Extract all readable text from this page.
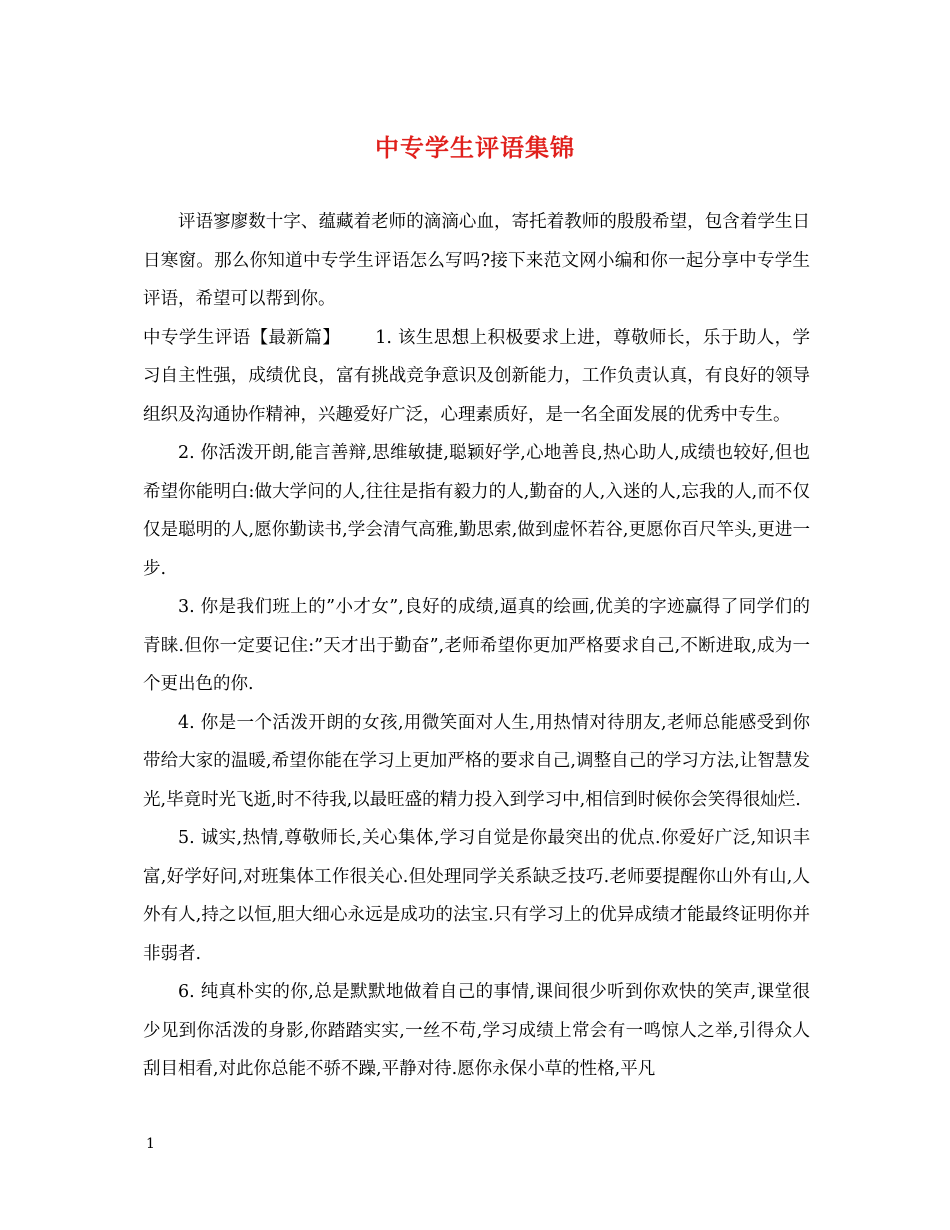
中专学生评语集锦

评语寥廖数十字、蕴藏着老师的滴滴心血，寄托着教师的殷殷希望，包含着学生日日寒窗。那么你知道中专学生评语怎么写吗?接下来范文网小编和你一起分享中专学生评语，希望可以帮到你。

中专学生评语【最新篇】 1. 该生思想上积极要求上进，尊敬师长，乐于助人，学习自主性强，成绩优良，富有挑战竞争意识及创新能力，工作负责认真，有良好的领导组织及沟通协作精神，兴趣爱好广泛，心理素质好，是一名全面发展的优秀中专生。

2. 你活泼开朗,能言善辩,思维敏捷,聪颖好学,心地善良,热心助人,成绩也较好,但也希望你能明白:做大学问的人,往往是指有毅力的人,勤奋的人,入迷的人,忘我的人,而不仅仅是聪明的人,愿你勤读书,学会清气高雅,勤思索,做到虚怀若谷,更愿你百尺竿头,更进一步.

3. 你是我们班上的”小才女”,良好的成绩,逼真的绘画,优美的字迹赢得了同学们的青睐.但你一定要记住:”天才出于勤奋”,老师希望你更加严格要求自己,不断进取,成为一个更出色的你.

4. 你是一个活泼开朗的女孩,用微笑面对人生,用热情对待朋友,老师总能感受到你带给大家的温暖,希望你能在学习上更加严格的要求自己,调整自己的学习方法,让智慧发光,毕竟时光飞逝,时不待我,以最旺盛的精力投入到学习中,相信到时候你会笑得很灿烂.

5. 诚实,热情,尊敬师长,关心集体,学习自觉是你最突出的优点.你爱好广泛,知识丰富,好学好问,对班集体工作很关心.但处理同学关系缺乏技巧.老师要提醒你山外有山,人外有人,持之以恒,胆大细心永远是成功的法宝.只有学习上的优异成绩才能最终证明你并非弱者.

6. 纯真朴实的你,总是默默地做着自己的事情,课间很少听到你欢快的笑声,课堂很少见到你活泼的身影,你踏踏实实,一丝不苟,学习成绩上常会有一鸣惊人之举,引得众人刮目相看,对此你总能不骄不躁,平静对待.愿你永保小草的性格,平凡

1
